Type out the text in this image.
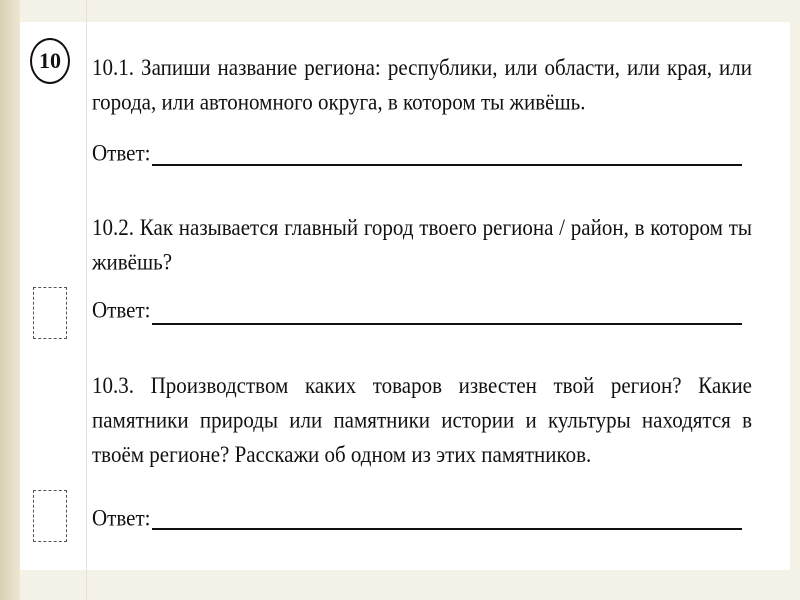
10 10.1. Запиши название региона: республики, или области, или края, или города, или автономного округа, в котором ты живёшь.

Ответ:

10.2. Как называется главный город твоего региона / район, в котором ты живёшь?

Ответ:

10.3. Производством каких товаров известен твой регион? Какие памятники природы или памятники истории и культуры находятся в твоём регионе? Расскажи об одном из этих памятников.

Ответ:
